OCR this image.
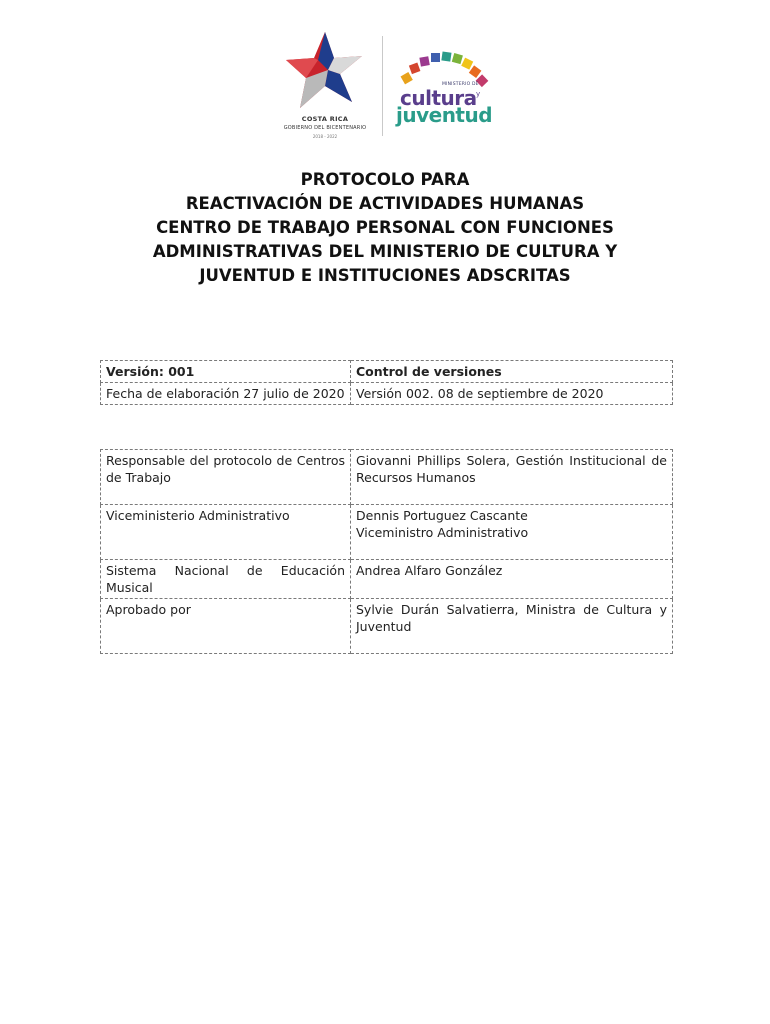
COSTA RICA
GOBIERNO DEL BICENTENARIO
2018 - 2022
MINISTERIO DE
cultura y
juventud
PROTOCOLO PARA
REACTIVACIÓN DE ACTIVIDADES HUMANAS
CENTRO DE TRABAJO PERSONAL CON FUNCIONES
ADMINISTRATIVAS DEL MINISTERIO DE CULTURA Y
JUVENTUD E INSTITUCIONES ADSCRITAS
Versión: 001	Control de versiones
Fecha de elaboración 27 julio de 2020	Versión 002. 08 de septiembre de 2020
Responsable del protocolo de Centros de Trabajo	Giovanni Phillips Solera, Gestión Institucional de Recursos Humanos
Viceministerio Administrativo	Dennis Portuguez Cascante
Viceministro Administrativo

Sistema Nacional de Educación Musical	Andrea Alfaro González
Aprobado por	Sylvie Durán Salvatierra, Ministra de Cultura y Juventud
